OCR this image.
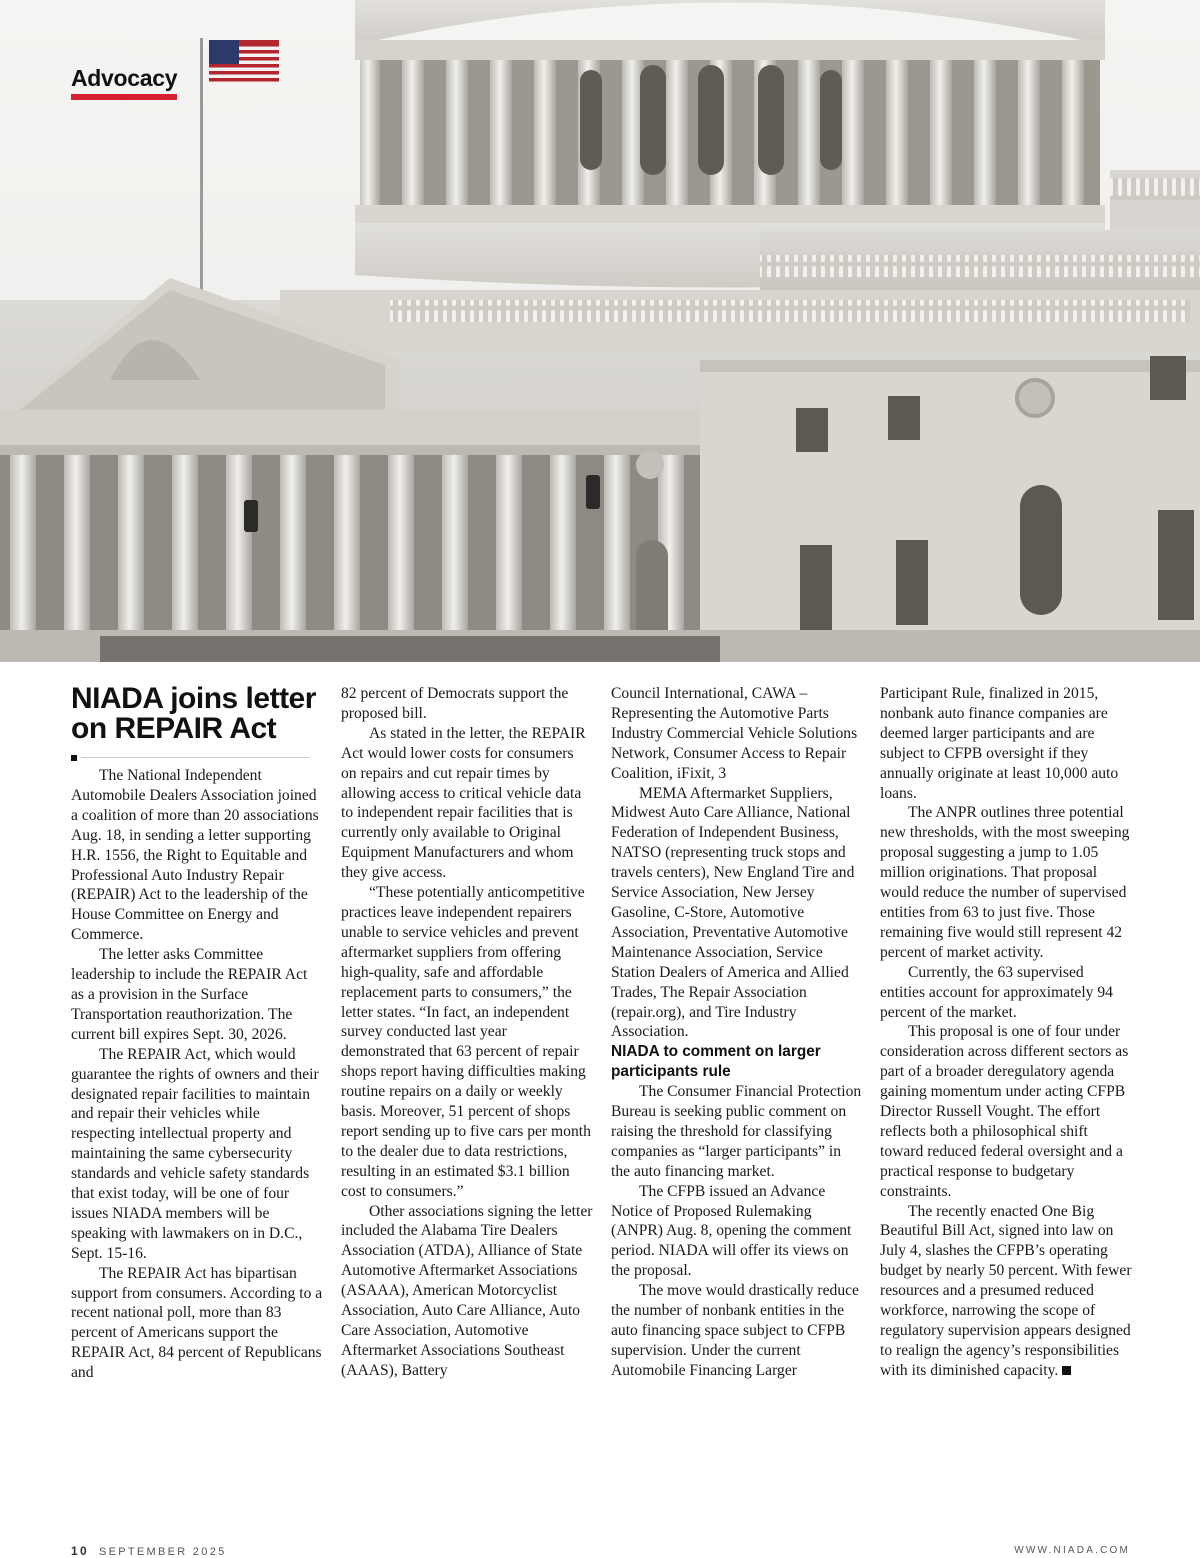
Advocacy
NIADA joins letter on REPAIR Act

The National Independent Automobile Dealers Association joined a coalition of more than 20 associations Aug. 18, in sending a letter supporting H.R. 1556, the Right to Equitable and Professional Auto Industry Repair (REPAIR) Act to the leadership of the House Committee on Energy and Commerce.

The letter asks Committee leadership to include the REPAIR Act as a provision in the Surface Transportation reauthorization. The current bill expires Sept. 30, 2026.

The REPAIR Act, which would guarantee the rights of owners and their designated repair facilities to maintain and repair their vehicles while respecting intellectual property and maintaining the same cybersecurity standards and vehicle safety standards that exist today, will be one of four issues NIADA members will be speaking with lawmakers on in D.C., Sept. 15-16.

The REPAIR Act has bipartisan support from consumers. According to a recent national poll, more than 83 percent of Americans support the REPAIR Act, 84 percent of Republicans and

82 percent of Democrats support the proposed bill.

As stated in the letter, the REPAIR Act would lower costs for consumers on repairs and cut repair times by allowing access to critical vehicle data to independent repair facilities that is currently only available to Original Equipment Manufacturers and whom they give access.

“These potentially anticompetitive practices leave independent repairers unable to service vehicles and prevent aftermarket suppliers from offering high-quality, safe and affordable replacement parts to consumers,” the letter states. “In fact, an independent survey conducted last year demonstrated that 63 percent of repair shops report having difficulties making routine repairs on a daily or weekly basis. Moreover, 51 percent of shops report sending up to five cars per month to the dealer due to data restrictions, resulting in an estimated $3.1 billion cost to consumers.”

Other associations signing the letter included the Alabama Tire Dealers Association (ATDA), Alliance of State Automotive Aftermarket Associations (ASAAA), American Motorcyclist Association, Auto Care Alliance, Auto Care Association, Automotive Aftermarket Associations Southeast (AAAS), Battery

Council International, CAWA – Representing the Automotive Parts Industry Commercial Vehicle Solutions Network, Consumer Access to Repair Coalition, iFixit, 3

MEMA Aftermarket Suppliers, Midwest Auto Care Alliance, National Federation of Independent Business, NATSO (representing truck stops and travels centers), New England Tire and Service Association, New Jersey Gasoline, C-Store, Automotive Association, Preventative Automotive Maintenance Association, Service Station Dealers of America and Allied Trades, The Repair Association (repair.org), and Tire Industry Association.

NIADA to comment on larger participants rule

The Consumer Financial Protection Bureau is seeking public comment on raising the threshold for classifying companies as “larger participants” in the auto financing market.

The CFPB issued an Advance Notice of Proposed Rulemaking (ANPR) Aug. 8, opening the comment period. NIADA will offer its views on the proposal.

The move would drastically reduce the number of nonbank entities in the auto financing space subject to CFPB supervision. Under the current Automobile Financing Larger

Participant Rule, finalized in 2015, nonbank auto finance companies are deemed larger participants and are subject to CFPB oversight if they annually originate at least 10,000 auto loans.

The ANPR outlines three potential new thresholds, with the most sweeping proposal suggesting a jump to 1.05 million originations. That proposal would reduce the number of supervised entities from 63 to just five. Those remaining five would still represent 42 percent of market activity.

Currently, the 63 supervised entities account for approximately 94 percent of the market.

This proposal is one of four under consideration across different sectors as part of a broader deregulatory agenda gaining momentum under acting CFPB Director Russell Vought. The effort reflects both a philosophical shift toward reduced federal oversight and a practical response to budgetary constraints.

The recently enacted One Big Beautiful Bill Act, signed into law on July 4, slashes the CFPB’s operating budget by nearly 50 percent. With fewer resources and a presumed reduced workforce, narrowing the scope of regulatory supervision appears designed to realign the agency’s responsibilities with its diminished capacity.

10 SEPTEMBER 2025	WWW.NIADA.COM
